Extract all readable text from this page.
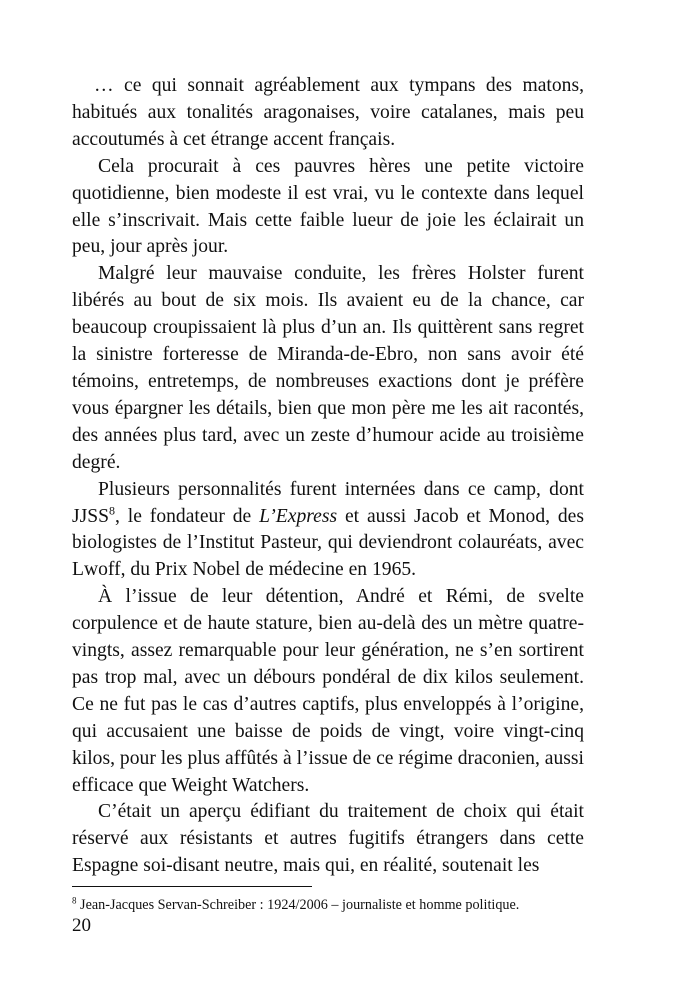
… ce qui sonnait agréablement aux tympans des matons, habitués aux tonalités aragonaises, voire catalanes, mais peu accoutumés à cet étrange accent français.

Cela procurait à ces pauvres hères une petite victoire quotidienne, bien modeste il est vrai, vu le contexte dans lequel elle s’inscrivait. Mais cette faible lueur de joie les éclairait un peu, jour après jour.

Malgré leur mauvaise conduite, les frères Holster furent libérés au bout de six mois. Ils avaient eu de la chance, car beaucoup croupissaient là plus d’un an. Ils quittèrent sans regret la sinistre forteresse de Miranda-de-Ebro, non sans avoir été témoins, entretemps, de nombreuses exactions dont je préfère vous épargner les détails, bien que mon père me les ait racontés, des années plus tard, avec un zeste d’humour acide au troisième degré.

Plusieurs personnalités furent internées dans ce camp, dont JJSS$^8$, le fondateur de L’Express et aussi Jacob et Monod, des biologistes de l’Institut Pasteur, qui deviendront colauréats, avec Lwoff, du Prix Nobel de médecine en 1965.

À l’issue de leur détention, André et Rémi, de svelte corpulence et de haute stature, bien au-delà des un mètre quatre-vingts, assez remarquable pour leur génération, ne s’en sortirent pas trop mal, avec un débours pondéral de dix kilos seulement. Ce ne fut pas le cas d’autres captifs, plus enveloppés à l’origine, qui accusaient une baisse de poids de vingt, voire vingt-cinq kilos, pour les plus affûtés à l’issue de ce régime draconien, aussi efficace que Weight Watchers.

C’était un aperçu édifiant du traitement de choix qui était réservé aux résistants et autres fugitifs étrangers dans cette Espagne soi-disant neutre, mais qui, en réalité, soutenait les

$^8$ Jean-Jacques Servan-Schreiber : 1924/2006 – journaliste et homme politique.
20
